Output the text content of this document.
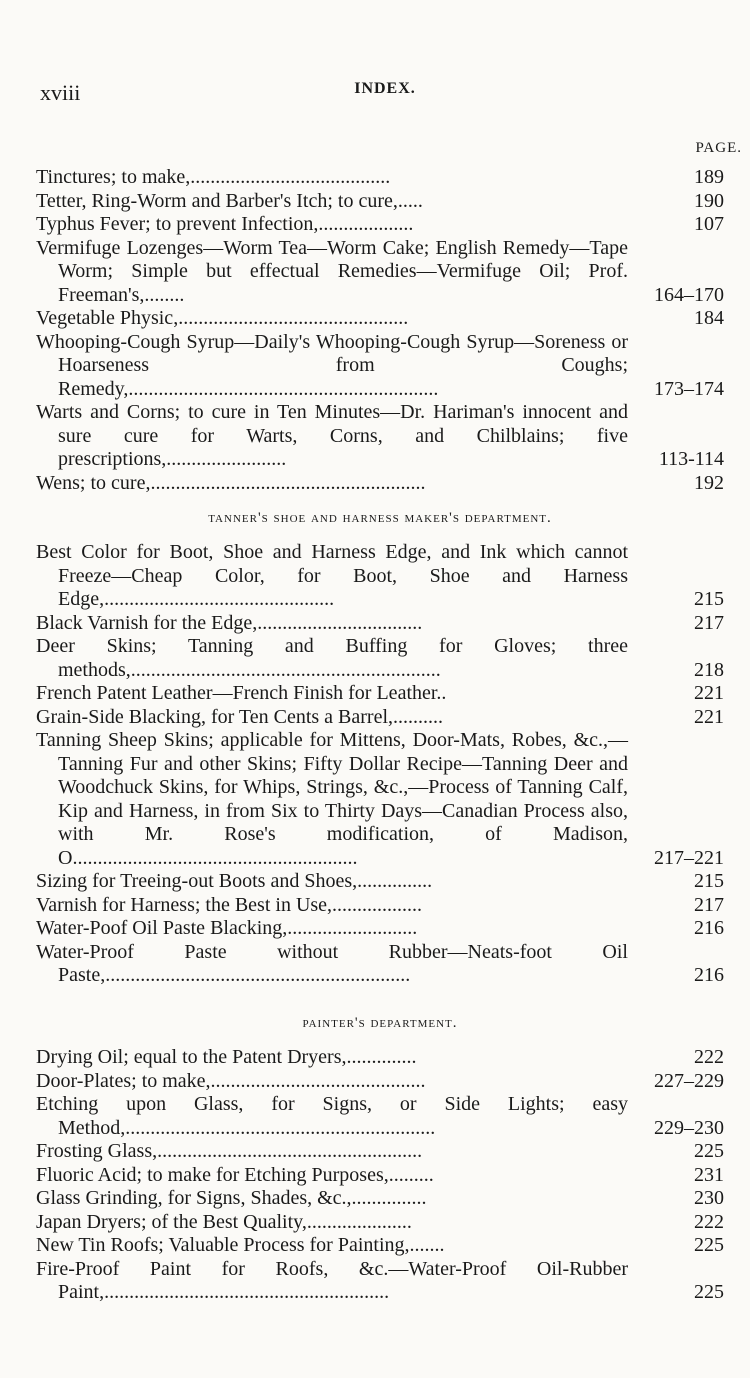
xviii	INDEX.
PAGE.
Tinctures; to make,........................................	189
Tetter, Ring-Worm and Barber's Itch; to cure,.....	190
Typhus Fever; to prevent Infection,...................	107
Vermifuge Lozenges—Worm Tea—Worm Cake; English Remedy—Tape Worm; Simple but effectual Remedies—Vermifuge Oil; Prof. Freeman's,........	164–170
Vegetable Physic,..............................................	184
Whooping-Cough Syrup—Daily's Whooping-Cough Syrup—Soreness or Hoarseness from Coughs; Remedy,..............................................................	173–174
Warts and Corns; to cure in Ten Minutes—Dr. Hariman's innocent and sure cure for Warts, Corns, and Chilblains; five prescriptions,........................	113-114
Wens; to cure,.......................................................	192
tanner's shoe and harness maker's department.
Best Color for Boot, Shoe and Harness Edge, and Ink which cannot Freeze—Cheap Color, for Boot, Shoe and Harness Edge,..............................................	215
Black Varnish for the Edge,.................................	217
Deer Skins; Tanning and Buffing for Gloves; three methods,..............................................................	218
French Patent Leather—French Finish for Leather..	221
Grain-Side Blacking, for Ten Cents a Barrel,..........	221
Tanning Sheep Skins; applicable for Mittens, Door-Mats, Robes, &c.,—Tanning Fur and other Skins; Fifty Dollar Recipe—Tanning Deer and Woodchuck Skins, for Whips, Strings, &c.,—Process of Tanning Calf, Kip and Harness, in from Six to Thirty Days—Canadian Process also, with Mr. Rose's modification, of Madison, O.........................................................	217–221
Sizing for Treeing-out Boots and Shoes,...............	215
Varnish for Harness; the Best in Use,..................	217
Water-Poof Oil Paste Blacking,..........................	216
Water-Proof Paste without Rubber—Neats-foot Oil Paste,.............................................................	216
painter's department.
Drying Oil; equal to the Patent Dryers,..............	222
Door-Plates; to make,...........................................	227–229
Etching upon Glass, for Signs, or Side Lights; easy Method,..............................................................	229–230
Frosting Glass,.....................................................	225
Fluoric Acid; to make for Etching Purposes,.........	231
Glass Grinding, for Signs, Shades, &c.,...............	230
Japan Dryers; of the Best Quality,.....................	222
New Tin Roofs; Valuable Process for Painting,.......	225
Fire-Proof Paint for Roofs, &c.—Water-Proof Oil-Rubber Paint,.........................................................	225
